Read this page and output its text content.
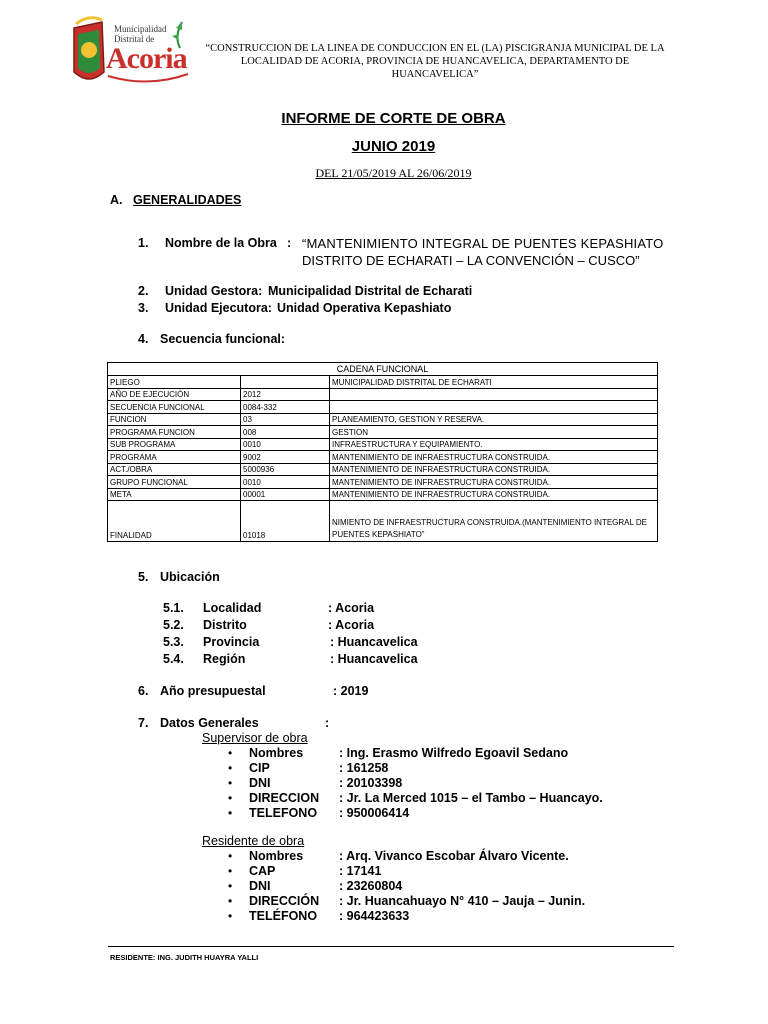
Municipalidad
Distrital de
Acoria	“CONSTRUCCION DE LA LINEA DE CONDUCCION EN EL (LA) PISCIGRANJA MUNICIPAL DE LA LOCALIDAD DE ACORIA, PROVINCIA DE HUANCAVELICA, DEPARTAMENTO DE HUANCAVELICA”
INFORME DE CORTE DE OBRA
JUNIO 2019
DEL 21/05/2019 AL 26/06/2019
A. GENERALIDADES
1. Nombre de la Obra : “MANTENIMIENTO INTEGRAL DE PUENTES KEPASHIATO
DISTRITO DE ECHARATI – LA CONVENCIÓN – CUSCO”
2. Unidad Gestora: Municipalidad Distrital de Echarati
3. Unidad Ejecutora: Unidad Operativa Kepashiato
4. Secuencia funcional:
CADENA FUNCIONAL		
PLIEGO		MUNICIPALIDAD DISTRITAL DE ECHARATI
AÑO DE EJECUCIÓN	2012	
SECUENCIA FUNCIONAL	0084-332	
FUNCION	03	PLANEAMIENTO, GESTION Y RESERVA.
PROGRAMA FUNCION	008	GESTION
SUB PROGRAMA	0010	INFRAESTRUCTURA Y EQUIPAMIENTO.
PROGRAMA	9002	MANTENIMIENTO DE INFRAESTRUCTURA CONSTRUIDA.
ACT./OBRA	5000936	MANTENIMIENTO DE INFRAESTRUCTURA CONSTRUIDA.
GRUPO FUNCIONAL	0010	MANTENIMIENTO DE INFRAESTRUCTURA CONSTRUIDA.
META	00001	MANTENIMIENTO DE INFRAESTRUCTURA CONSTRUIDA.
FINALIDAD	01018	NIMIENTO DE INFRAESTRUCTURA CONSTRUIDA.(MANTENIMIENTO INTEGRAL DE PUENTES KEPASHIATO”
5. Ubicación
5.1. Localidad	: Acoria
5.2. Distrito	: Acoria
5.3. Provincia	: Huancavelica
5.4. Región	: Huancavelica
6. Año presupuestal	: 2019
7. Datos Generales	:
Supervisor de obra
• Nombres	: Ing. Erasmo Wilfredo Egoavil Sedano
• CIP	: 161258
• DNI	: 20103398
• DIRECCION : Jr. La Merced 1015 – el Tambo – Huancayo.
• TELEFONO : 950006414
Residente de obra
• Nombres	: Arq. Vivanco Escobar Álvaro Vicente.
• CAP	: 17141
• DNI	: 23260804
• DIRECCIÓN : Jr. Huancahuayo N° 410 – Jauja – Junin.
• TELÉFONO : 964423633
RESIDENTE: ING. JUDITH HUAYRA YALLI
